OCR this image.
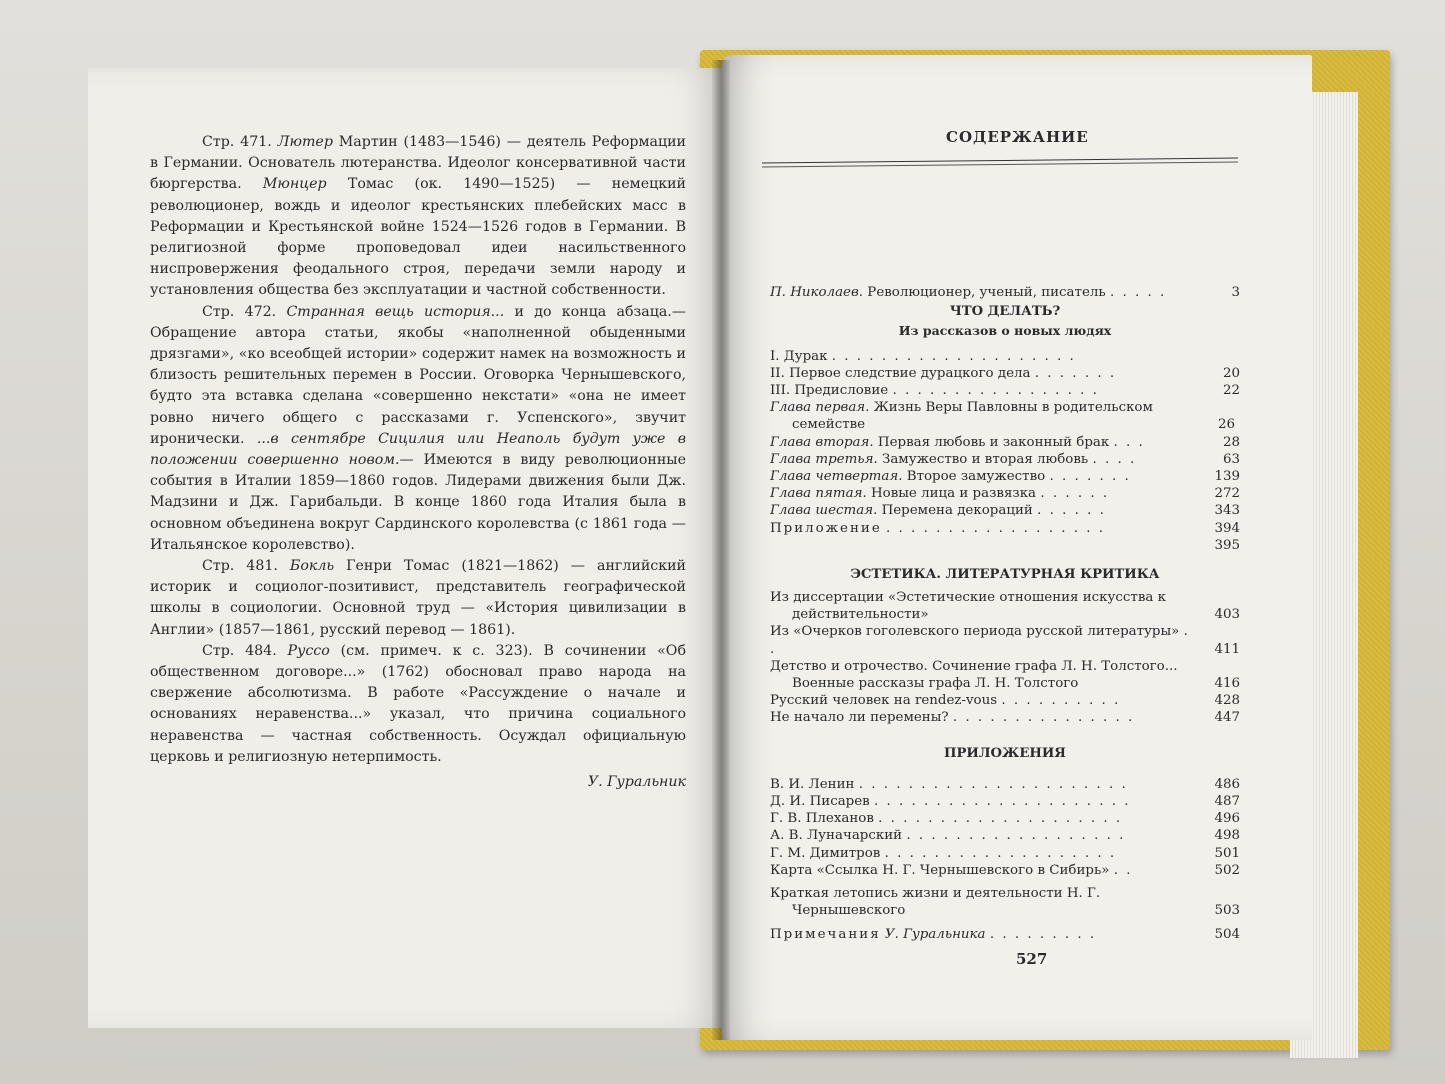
Стр. 471. Лютер Мартин (1483—1546) — деятель Реформации в Германии. Основатель лютеранства. Идеолог консервативной части бюргерства. Мюнцер Томас (ок. 1490—1525) — немецкий революционер, вождь и идеолог крестьянских плебейских масс в Реформации и Крестьянской войне 1524—1526 годов в Германии. В религиозной форме проповедовал идеи насильственного ниспровержения феодального строя, передачи земли народу и установления общества без эксплуатации и частной собственности.

Стр. 472. Странная вещь история... и до конца абзаца.— Обращение автора статьи, якобы «наполненной обыденными дрязгами», «ко всеобщей истории» содержит намек на возможность и близость решительных перемен в России. Оговорка Чернышевского, будто эта вставка сделана «совершенно некстати» «она не имеет ровно ничего общего с рассказами г. Успенского», звучит иронически. ...в сентябре Сицилия или Неаполь будут уже в положении совершенно новом.— Имеются в виду революционные события в Италии 1859—1860 годов. Лидерами движения были Дж. Мадзини и Дж. Гарибальди. В конце 1860 года Италия была в основном объединена вокруг Сардинского королевства (с 1861 года — Итальянское королевство).

Стр. 481. Бокль Генри Томас (1821—1862) — английский историк и социолог-позитивист, представитель географической школы в социологии. Основной труд — «История цивилизации в Англии» (1857—1861, русский перевод — 1861).

Стр. 484. Руссо (см. примеч. к с. 323). В сочинении «Об общественном договоре...» (1762) обосновал право народа на свержение абсолютизма. В работе «Рассуждение о начале и основаниях неравенства...» указал, что причина социального неравенства — частная собственность. Осуждал официальную церковь и религиозную нетерпимость.

У. Гуральник

СОДЕРЖАНИЕ
П. Николаев. Революционер, ученый, писатель . . . . .	3
ЧТО ДЕЛАТЬ?
Из рассказов о новых людях
I. Дурак . . . . . . . . . . . . . . . . . . . .
II. Первое следствие дурацкого дела . . . . . . .	20
III. Предисловие . . . . . . . . . . . . . . . . .	22
Глава первая. Жизнь Веры Павловны в родительском семействе	26
Глава вторая. Первая любовь и законный брак . . .	28
Глава третья. Замужество и вторая любовь . . . .	63
Глава четвертая. Второе замужество . . . . . . .	139
Глава пятая. Новые лица и развязка . . . . . .	272
Глава шестая. Перемена декораций . . . . . .	343
Приложение . . . . . . . . . . . . . . . . . .	394
395
ЭСТЕТИКА. ЛИТЕРАТУРНАЯ КРИТИКА
Из диссертации «Эстетические отношения искусства к действительности»	403
Из «Очерков гоголевского периода русской литературы» . .	411
Детство и отрочество. Сочинение графа Л. Н. Толстого... Военные рассказы графа Л. Н. Толстого	416
Русский человек на rendez-vous . . . . . . . . . .	428
Не начало ли перемены? . . . . . . . . . . . . . . .	447
ПРИЛОЖЕНИЯ
В. И. Ленин . . . . . . . . . . . . . . . . . . . . . .	486
Д. И. Писарев . . . . . . . . . . . . . . . . . . . . .	487
Г. В. Плеханов . . . . . . . . . . . . . . . . . . . .	496
А. В. Луначарский . . . . . . . . . . . . . . . . . .	498
Г. М. Димитров . . . . . . . . . . . . . . . . . . .	501
Карта «Ссылка Н. Г. Чернышевского в Сибирь» . .	502
Краткая летопись жизни и деятельности Н. Г. Чернышевского	503
Примечания У. Гуральника . . . . . . . . .	504
527
